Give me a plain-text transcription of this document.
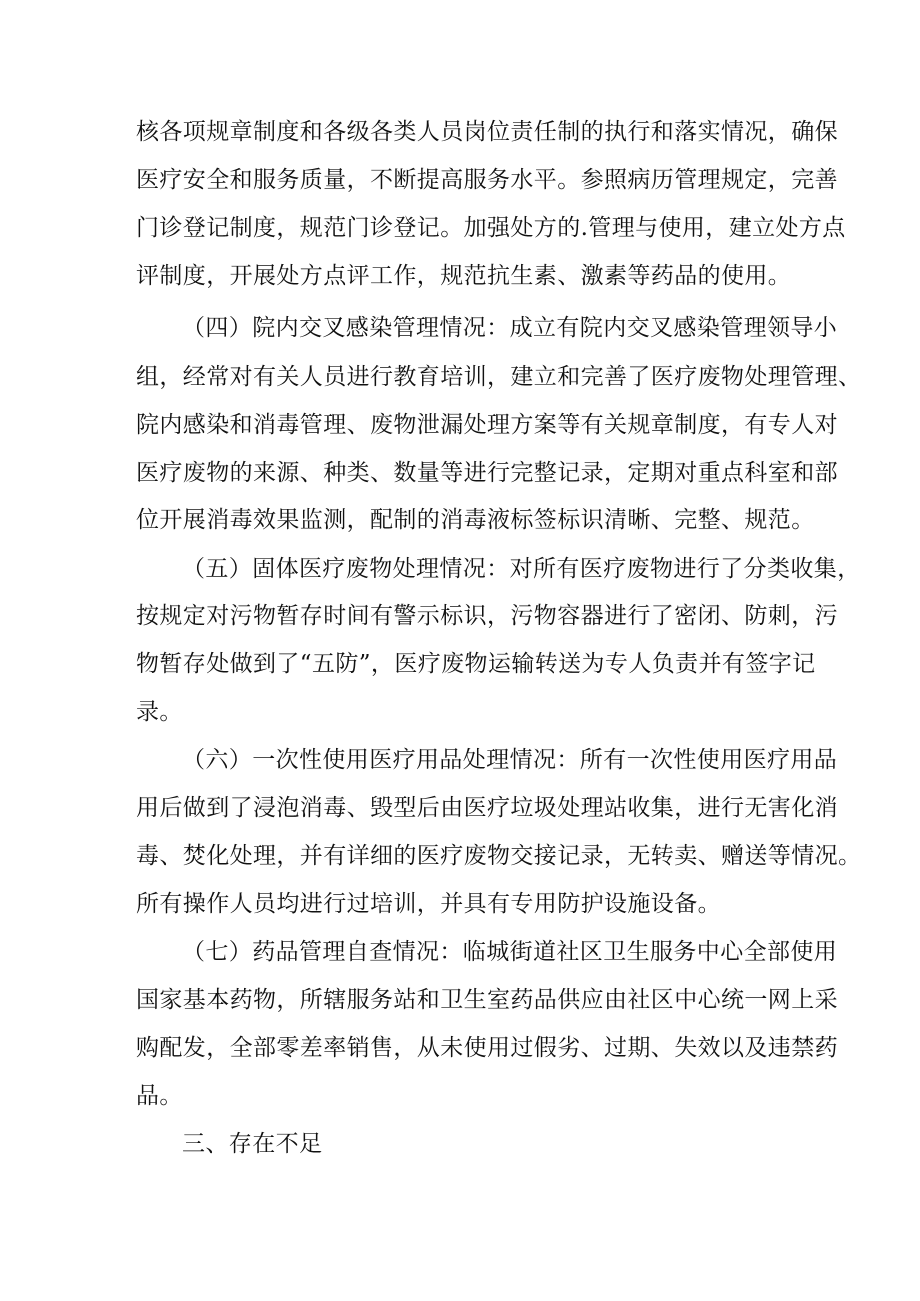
核各项规章制度和各级各类人员岗位责任制的执行和落实情况，确保
医疗安全和服务质量，不断提高服务水平。参照病历管理规定，完善
门诊登记制度，规范门诊登记。加强处方的.管理与使用，建立处方点
评制度，开展处方点评工作，规范抗生素、激素等药品的使用。
（四）院内交叉感染管理情况：成立有院内交叉感染管理领导小
组，经常对有关人员进行教育培训，建立和完善了医疗废物处理管理、
院内感染和消毒管理、废物泄漏处理方案等有关规章制度，有专人对
医疗废物的来源、种类、数量等进行完整记录，定期对重点科室和部
位开展消毒效果监测，配制的消毒液标签标识清晰、完整、规范。
（五）固体医疗废物处理情况：对所有医疗废物进行了分类收集，
按规定对污物暂存时间有警示标识，污物容器进行了密闭、防刺，污
物暂存处做到了“五防”，医疗废物运输转送为专人负责并有签字记
录。
（六）一次性使用医疗用品处理情况：所有一次性使用医疗用品
用后做到了浸泡消毒、毁型后由医疗垃圾处理站收集，进行无害化消
毒、焚化处理，并有详细的医疗废物交接记录，无转卖、赠送等情况。
所有操作人员均进行过培训，并具有专用防护设施设备。
（七）药品管理自查情况：临城街道社区卫生服务中心全部使用
国家基本药物，所辖服务站和卫生室药品供应由社区中心统一网上采
购配发，全部零差率销售，从未使用过假劣、过期、失效以及违禁药
品。
三、存在不足
